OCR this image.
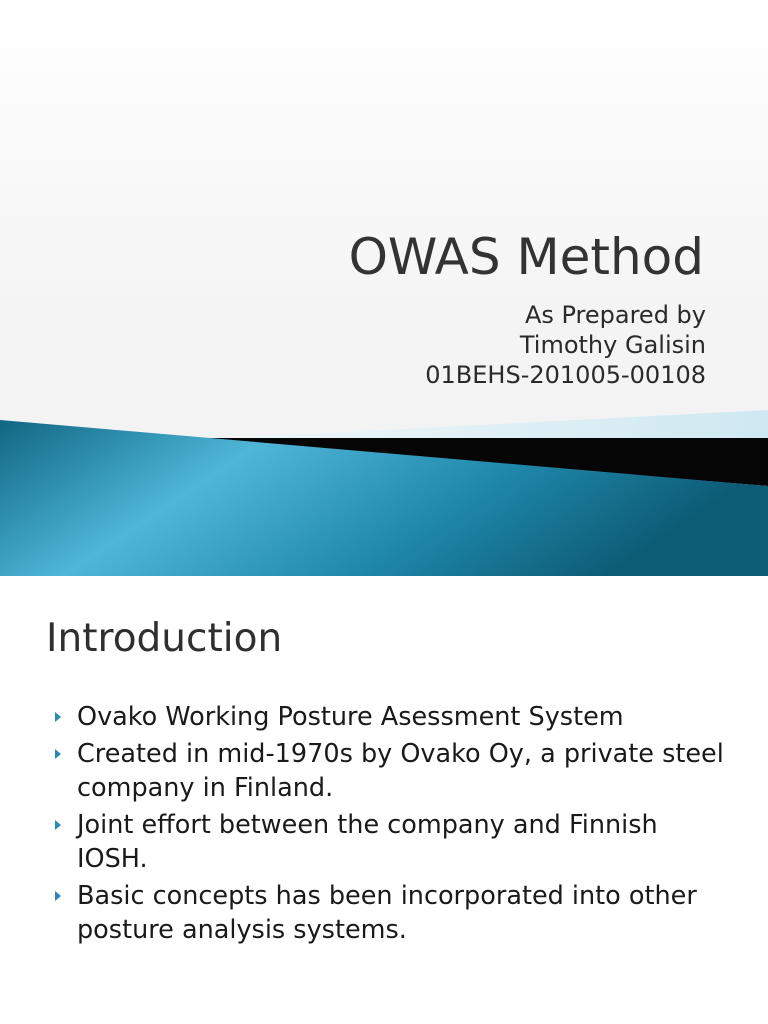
OWAS Method
As Prepared by
Timothy Galisin
01BEHS-201005-00108
Introduction
Ovako Working Posture Asessment System
Created in mid-1970s by Ovako Oy, a private steel company in Finland.
Joint effort between the company and Finnish IOSH.
Basic concepts has been incorporated into other posture analysis systems.
